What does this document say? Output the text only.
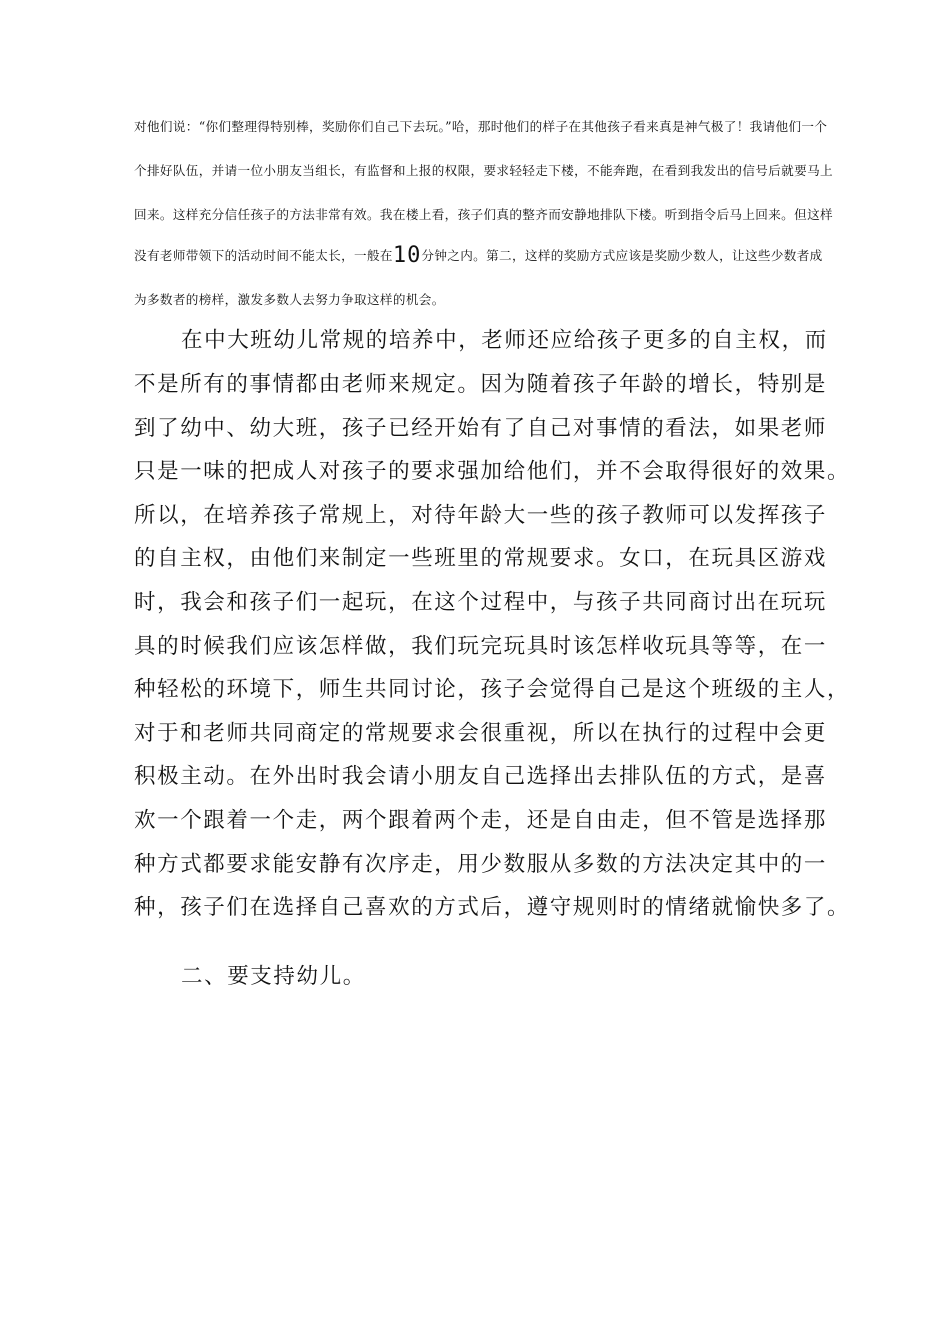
对他们说：“你们整理得特别棒，奖励你们自己下去玩。”哈，那时他们的样子在其他孩子看来真是神气极了！我请他们一个
个排好队伍，并请一位小朋友当组长，有监督和上报的权限，要求轻轻走下楼，不能奔跑，在看到我发出的信号后就要马上
回来。这样充分信任孩子的方法非常有效。我在楼上看，孩子们真的整齐而安静地排队下楼。听到指令后马上回来。但这样
没有老师带领下的活动时间不能太长，一般在10分钟之内。第二，这样的奖励方式应该是奖励少数人，让这些少数者成
为多数者的榜样，激发多数人去努力争取这样的机会。
在中大班幼儿常规的培养中，老师还应给孩子更多的自主权，而
不是所有的事情都由老师来规定。因为随着孩子年龄的增长，特别是
到了幼中、幼大班，孩子已经开始有了自己对事情的看法，如果老师
只是一味的把成人对孩子的要求强加给他们，并不会取得很好的效果。
所以，在培养孩子常规上，对待年龄大一些的孩子教师可以发挥孩子
的自主权，由他们来制定一些班里的常规要求。女口，在玩具区游戏
时，我会和孩子们一起玩，在这个过程中，与孩子共同商讨出在玩玩
具的时候我们应该怎样做，我们玩完玩具时该怎样收玩具等等，在一
种轻松的环境下，师生共同讨论，孩子会觉得自己是这个班级的主人，
对于和老师共同商定的常规要求会很重视，所以在执行的过程中会更
积极主动。在外出时我会请小朋友自己选择出去排队伍的方式，是喜
欢一个跟着一个走，两个跟着两个走，还是自由走，但不管是选择那
种方式都要求能安静有次序走，用少数服从多数的方法决定其中的一
种，孩子们在选择自己喜欢的方式后，遵守规则时的情绪就愉快多了。
二、要支持幼儿。
